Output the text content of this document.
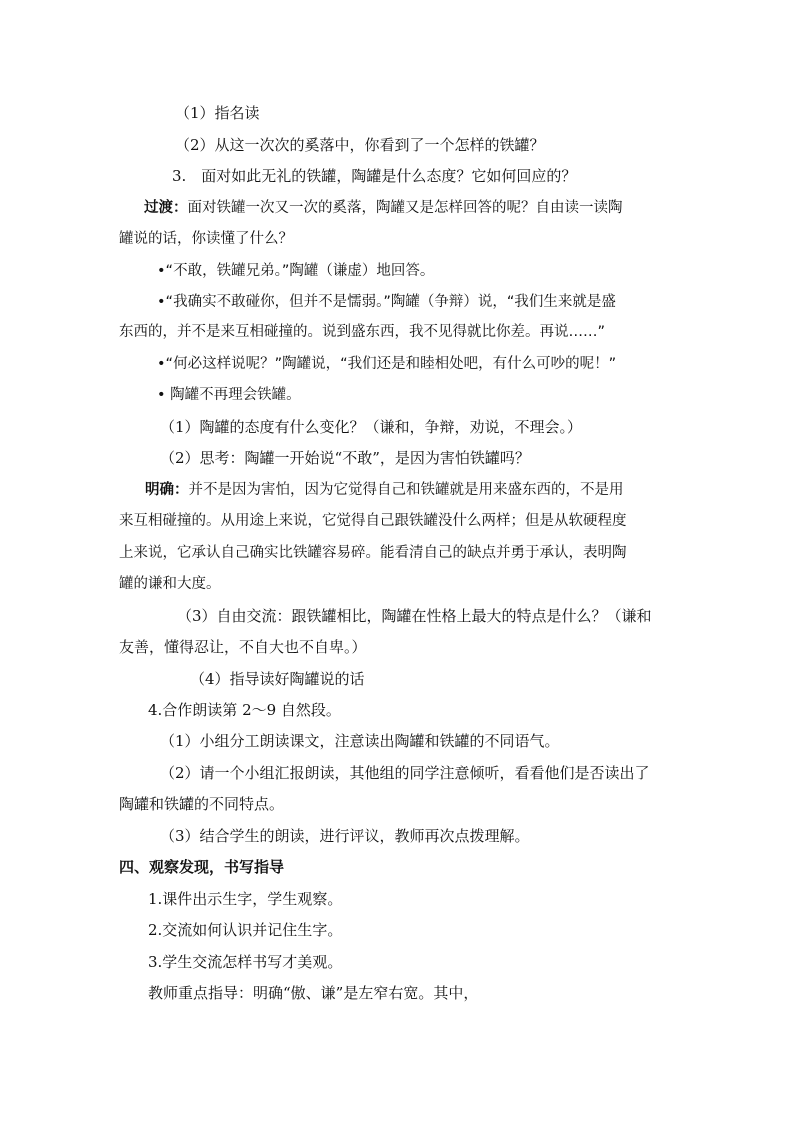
（1）指名读
（2）从这一次次的奚落中，你看到了一个怎样的铁罐？
3.　面对如此无礼的铁罐，陶罐是什么态度？它如何回应的？
过渡：面对铁罐一次又一次的奚落，陶罐又是怎样回答的呢？自由读一读陶
罐说的话，你读懂了什么？
•“不敢，铁罐兄弟。”陶罐（谦虚）地回答。
•“我确实不敢碰你，但并不是懦弱。”陶罐（争辩）说，“我们生来就是盛
东西的，并不是来互相碰撞的。说到盛东西，我不见得就比你差。再说……”
•“何必这样说呢？”陶罐说，“我们还是和睦相处吧，有什么可吵的呢！”
• 陶罐不再理会铁罐。
（1）陶罐的态度有什么变化？（谦和，争辩，劝说，不理会。）
（2）思考：陶罐一开始说“不敢”，是因为害怕铁罐吗？
明确：并不是因为害怕，因为它觉得自己和铁罐就是用来盛东西的，不是用
来互相碰撞的。从用途上来说，它觉得自己跟铁罐没什么两样；但是从软硬程度
上来说，它承认自己确实比铁罐容易碎。能看清自己的缺点并勇于承认，表明陶
罐的谦和大度。
（3）自由交流：跟铁罐相比，陶罐在性格上最大的特点是什么？（谦和
友善，懂得忍让，不自大也不自卑。）
（4）指导读好陶罐说的话
4.合作朗读第 2～9 自然段。
（1）小组分工朗读课文，注意读出陶罐和铁罐的不同语气。
（2）请一个小组汇报朗读，其他组的同学注意倾听，看看他们是否读出了
陶罐和铁罐的不同特点。
（3）结合学生的朗读，进行评议，教师再次点拨理解。
四、观察发现，书写指导
1.课件出示生字，学生观察。
2.交流如何认识并记住生字。
3.学生交流怎样书写才美观。
教师重点指导：明确“傲、谦”是左窄右宽。其中，
